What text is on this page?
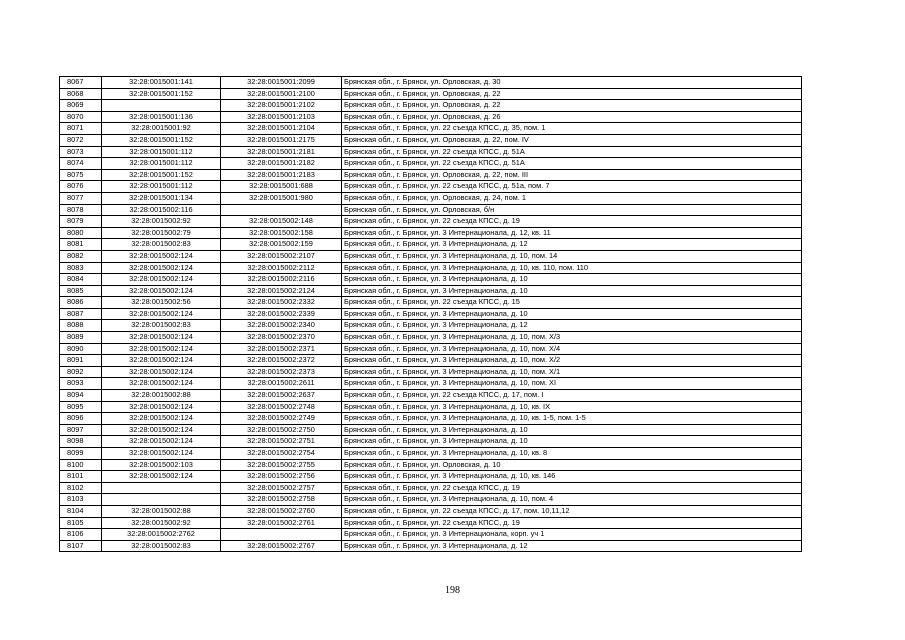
8067	32:28:0015001:141	32:28:0015001:2099	Брянская обл., г. Брянск, ул. Орловская, д. 30
8068	32:28:0015001:152	32:28:0015001:2100	Брянская обл., г. Брянск, ул. Орловская, д. 22
8069		32:28:0015001:2102	Брянская обл., г. Брянск, ул. Орловская, д. 22
8070	32:28:0015001:136	32:28:0015001:2103	Брянская обл., г. Брянск, ул. Орловская, д. 26
8071	32:28:0015001:92	32:28:0015001:2104	Брянская обл., г. Брянск, ул. 22 съезда КПСС, д. 35, пом. 1
8072	32:28:0015001:152	32:28:0015001:2175	Брянская обл., г. Брянск, ул. Орловская, д. 22, пом. IV
8073	32:28:0015001:112	32:28:0015001:2181	Брянская обл., г. Брянск, ул. 22 съезда КПСС, д. 51А
8074	32:28:0015001:112	32:28:0015001:2182	Брянская обл., г. Брянск, ул. 22 съезда КПСС, д. 51А
8075	32:28:0015001:152	32:28:0015001:2183	Брянская обл., г. Брянск, ул. Орловская, д. 22, пом. III
8076	32:28:0015001:112	32:28:0015001:688	Брянская обл., г. Брянск, ул. 22 съезда КПСС, д. 51а, пом. 7
8077	32:28:0015001:134	32:28:0015001:980	Брянская обл., г. Брянск, ул. Орловская, д. 24, пом. 1
8078	32:28:0015002:116		Брянская обл., г. Брянск, ул. Орловская, б/н
8079	32:28:0015002:92	32:28:0015002:148	Брянская обл., г. Брянск, ул. 22 съезда КПСС, д. 19
8080	32:28:0015002:79	32:28:0015002:158	Брянская обл., г. Брянск, ул. 3 Интернационала, д. 12, кв. 11
8081	32:28:0015002:83	32:28:0015002:159	Брянская обл., г. Брянск, ул. 3 Интернационала, д. 12
8082	32:28:0015002:124	32:28:0015002:2107	Брянская обл., г. Брянск, ул. 3 Интернационала, д. 10, пом. 14
8083	32:28:0015002:124	32:28:0015002:2112	Брянская обл., г. Брянск, ул. 3 Интернационала, д. 10, кв. 110, пом. 110
8084	32:28:0015002:124	32:28:0015002:2116	Брянская обл., г. Брянск, ул. 3 Интернационала, д. 10
8085	32:28:0015002:124	32:28:0015002:2124	Брянская обл., г. Брянск, ул. 3 Интернационала, д. 10
8086	32:28:0015002:56	32:28:0015002:2332	Брянская обл., г. Брянск, ул. 22 съезда КПСС, д. 15
8087	32:28:0015002:124	32:28:0015002:2339	Брянская обл., г. Брянск, ул. 3 Интернационала, д. 10
8088	32:28:0015002:83	32:28:0015002:2340	Брянская обл., г. Брянск, ул. 3 Интернационала, д. 12
8089	32:28:0015002:124	32:28:0015002:2370	Брянская обл., г. Брянск, ул. 3 Интернационала, д. 10, пом. Х/3
8090	32:28:0015002:124	32:28:0015002:2371	Брянская обл., г. Брянск, ул. 3 Интернационала, д. 10, пом. Х/4
8091	32:28:0015002:124	32:28:0015002:2372	Брянская обл., г. Брянск, ул. 3 Интернационала, д. 10, пом. Х/2
8092	32:28:0015002:124	32:28:0015002:2373	Брянская обл., г. Брянск, ул. 3 Интернационала, д. 10, пом. Х/1
8093	32:28:0015002:124	32:28:0015002:2611	Брянская обл., г. Брянск, ул. 3 Интернационала, д. 10, пом. XI
8094	32:28:0015002:88	32:28:0015002:2637	Брянская обл., г. Брянск, ул. 22 съезда КПСС, д. 17, пом. I
8095	32:28:0015002:124	32:28:0015002:2748	Брянская обл., г. Брянск, ул. 3 Интернационала, д. 10, кв. IX
8096	32:28:0015002:124	32:28:0015002:2749	Брянская обл., г. Брянск, ул. 3 Интернационала, д. 10, кв. 1-5, пом. 1-5
8097	32:28:0015002:124	32:28:0015002:2750	Брянская обл., г. Брянск, ул. 3 Интернационала, д. 10
8098	32:28:0015002:124	32:28:0015002:2751	Брянская обл., г. Брянск, ул. 3 Интернационала, д. 10
8099	32:28:0015002:124	32:28:0015002:2754	Брянская обл., г. Брянск, ул. 3 Интернационала, д. 10, кв. 8
8100	32:28:0015002:103	32:28:0015002:2755	Брянская обл., г. Брянск, ул. Орловская, д. 10
8101	32:28:0015002:124	32:28:0015002:2756	Брянская обл., г. Брянск, ул. 3 Интернационала, д. 10, кв. 146
8102		32:28:0015002:2757	Брянская обл., г. Брянск, ул. 22 съезда КПСС, д. 19
8103		32:28:0015002:2758	Брянская обл., г. Брянск, ул. 3 Интернационала, д. 10, пом. 4
8104	32:28:0015002:88	32:28:0015002:2760	Брянская обл., г. Брянск, ул. 22 съезда КПСС, д. 17, пом. 10,11,12
8105	32:28:0015002:92	32:28:0015002:2761	Брянская обл., г. Брянск, ул. 22 съезда КПСС, д. 19
8106	32:28:0015002:2762		Брянская обл., г. Брянск, ул. 3 Интернационала, корп. уч 1
8107	32:28:0015002:83	32:28:0015002:2767	Брянская обл., г. Брянск, ул. 3 Интернационала, д. 12
198
